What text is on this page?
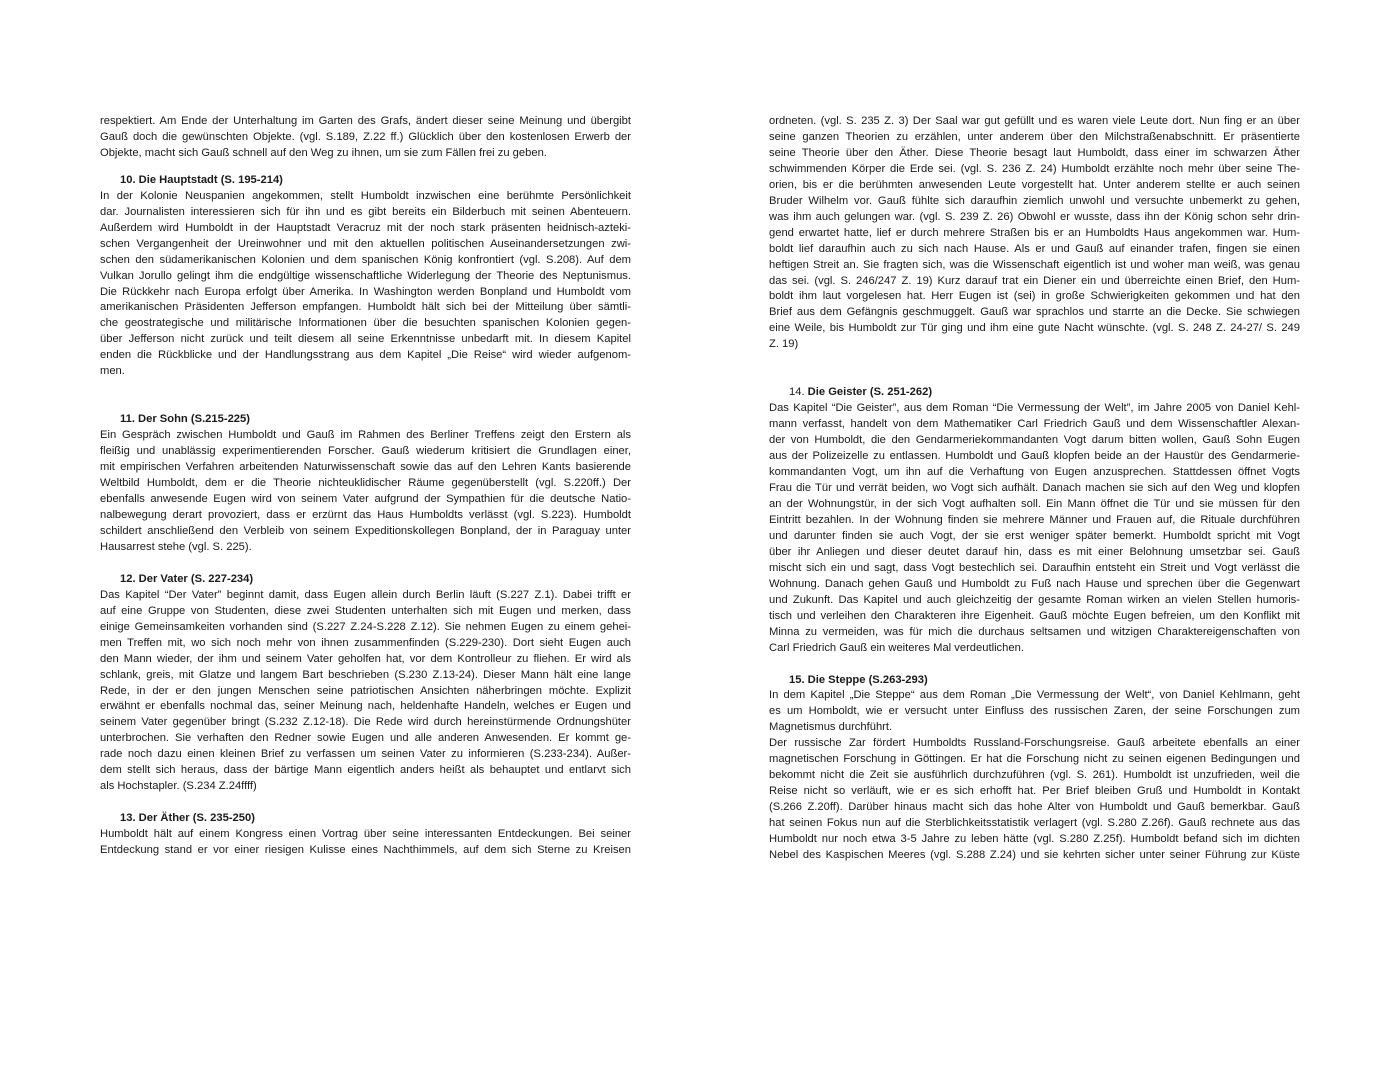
respektiert. Am Ende der Unterhaltung im Garten des Grafs, ändert dieser seine Meinung und übergibt
Gauß doch die gewünschten Objekte. (vgl. S.189, Z.22 ff.) Glücklich über den kostenlosen Erwerb der
Objekte, macht sich Gauß schnell auf den Weg zu ihnen, um sie zum Fällen frei zu geben.
10. Die Hauptstadt (S. 195-214)
In der Kolonie Neuspanien angekommen, stellt Humboldt inzwischen eine berühmte Persönlichkeit
dar. Journalisten interessieren sich für ihn und es gibt bereits ein Bilderbuch mit seinen Abenteuern.
Außerdem wird Humboldt in der Hauptstadt Veracruz mit der noch stark präsenten heidnisch-azteki-
schen Vergangenheit der Ureinwohner und mit den aktuellen politischen Auseinandersetzungen zwi-
schen den südamerikanischen Kolonien und dem spanischen König konfrontiert (vgl. S.208). Auf dem
Vulkan Jorullo gelingt ihm die endgültige wissenschaftliche Widerlegung der Theorie des Neptunismus.
Die Rückkehr nach Europa erfolgt über Amerika. In Washington werden Bonpland und Humboldt vom
amerikanischen Präsidenten Jefferson empfangen. Humboldt hält sich bei der Mitteilung über sämtli-
che geostrategische und militärische Informationen über die besuchten spanischen Kolonien gegen-
über Jefferson nicht zurück und teilt diesem all seine Erkenntnisse unbedarft mit. In diesem Kapitel
enden die Rückblicke und der Handlungsstrang aus dem Kapitel „Die Reise“ wird wieder aufgenom-
men.
11. Der Sohn (S.215-225)
Ein Gespräch zwischen Humboldt und Gauß im Rahmen des Berliner Treffens zeigt den Erstern als
fleißig und unablässig experimentierenden Forscher. Gauß wiederum kritisiert die Grundlagen einer,
mit empirischen Verfahren arbeitenden Naturwissenschaft sowie das auf den Lehren Kants basierende
Weltbild Humboldt, dem er die Theorie nichteuklidischer Räume gegenüberstellt (vgl. S.220ff.) Der
ebenfalls anwesende Eugen wird von seinem Vater aufgrund der Sympathien für die deutsche Natio-
nalbewegung derart provoziert, dass er erzürnt das Haus Humboldts verlässt (vgl. S.223). Humboldt
schildert anschließend den Verbleib von seinem Expeditionskollegen Bonpland, der in Paraguay unter
Hausarrest stehe (vgl. S. 225).
12. Der Vater (S. 227-234)
Das Kapitel “Der Vater” beginnt damit, dass Eugen allein durch Berlin läuft (S.227 Z.1). Dabei trifft er
auf eine Gruppe von Studenten, diese zwei Studenten unterhalten sich mit Eugen und merken, dass
einige Gemeinsamkeiten vorhanden sind (S.227 Z.24-S.228 Z.12). Sie nehmen Eugen zu einem gehei-
men Treffen mit, wo sich noch mehr von ihnen zusammenfinden (S.229-230). Dort sieht Eugen auch
den Mann wieder, der ihm und seinem Vater geholfen hat, vor dem Kontrolleur zu fliehen. Er wird als
schlank, greis, mit Glatze und langem Bart beschrieben (S.230 Z.13-24). Dieser Mann hält eine lange
Rede, in der er den jungen Menschen seine patriotischen Ansichten näherbringen möchte. Explizit
erwähnt er ebenfalls nochmal das, seiner Meinung nach, heldenhafte Handeln, welches er Eugen und
seinem Vater gegenüber bringt (S.232 Z.12-18). Die Rede wird durch hereinstürmende Ordnungshüter
unterbrochen. Sie verhaften den Redner sowie Eugen und alle anderen Anwesenden. Er kommt ge-
rade noch dazu einen kleinen Brief zu verfassen um seinen Vater zu informieren (S.233-234). Außer-
dem stellt sich heraus, dass der bärtige Mann eigentlich anders heißt als behauptet und entlarvt sich
als Hochstapler. (S.234 Z.24ffff)
13. Der Äther (S. 235-250)
Humboldt hält auf einem Kongress einen Vortrag über seine interessanten Entdeckungen. Bei seiner
Entdeckung stand er vor einer riesigen Kulisse eines Nachthimmels, auf dem sich Sterne zu Kreisen
ordneten. (vgl. S. 235 Z. 3) Der Saal war gut gefüllt und es waren viele Leute dort. Nun fing er an über
seine ganzen Theorien zu erzählen, unter anderem über den Milchstraßenabschnitt. Er präsentierte
seine Theorie über den Äther. Diese Theorie besagt laut Humboldt, dass einer im schwarzen Äther
schwimmenden Körper die Erde sei. (vgl. S. 236 Z. 24) Humboldt erzählte noch mehr über seine The-
orien, bis er die berühmten anwesenden Leute vorgestellt hat. Unter anderem stellte er auch seinen
Bruder Wilhelm vor. Gauß fühlte sich daraufhin ziemlich unwohl und versuchte unbemerkt zu gehen,
was ihm auch gelungen war. (vgl. S. 239 Z. 26) Obwohl er wusste, dass ihn der König schon sehr drin-
gend erwartet hatte, lief er durch mehrere Straßen bis er an Humboldts Haus angekommen war. Hum-
boldt lief daraufhin auch zu sich nach Hause. Als er und Gauß auf einander trafen, fingen sie einen
heftigen Streit an. Sie fragten sich, was die Wissenschaft eigentlich ist und woher man weiß, was genau
das sei. (vgl. S. 246/247 Z. 19) Kurz darauf trat ein Diener ein und überreichte einen Brief, den Hum-
boldt ihm laut vorgelesen hat. Herr Eugen ist (sei) in große Schwierigkeiten gekommen und hat den
Brief aus dem Gefängnis geschmuggelt. Gauß war sprachlos und starrte an die Decke. Sie schwiegen
eine Weile, bis Humboldt zur Tür ging und ihm eine gute Nacht wünschte. (vgl. S. 248 Z. 24-27/ S. 249
Z. 19)
14. Die Geister (S. 251-262)
Das Kapitel “Die Geister”, aus dem Roman “Die Vermessung der Welt”, im Jahre 2005 von Daniel Kehl-
mann verfasst, handelt von dem Mathematiker Carl Friedrich Gauß und dem Wissenschaftler Alexan-
der von Humboldt, die den Gendarmeriekommandanten Vogt darum bitten wollen, Gauß Sohn Eugen
aus der Polizeizelle zu entlassen. Humboldt und Gauß klopfen beide an der Haustür des Gendarmerie-
kommandanten Vogt, um ihn auf die Verhaftung von Eugen anzusprechen. Stattdessen öffnet Vogts
Frau die Tür und verrät beiden, wo Vogt sich aufhält. Danach machen sie sich auf den Weg und klopfen
an der Wohnungstür, in der sich Vogt aufhalten soll. Ein Mann öffnet die Tür und sie müssen für den
Eintritt bezahlen. In der Wohnung finden sie mehrere Männer und Frauen auf, die Rituale durchführen
und darunter finden sie auch Vogt, der sie erst weniger später bemerkt. Humboldt spricht mit Vogt
über ihr Anliegen und dieser deutet darauf hin, dass es mit einer Belohnung umsetzbar sei. Gauß
mischt sich ein und sagt, dass Vogt bestechlich sei. Daraufhin entsteht ein Streit und Vogt verlässt die
Wohnung. Danach gehen Gauß und Humboldt zu Fuß nach Hause und sprechen über die Gegenwart
und Zukunft. Das Kapitel und auch gleichzeitig der gesamte Roman wirken an vielen Stellen humoris-
tisch und verleihen den Charakteren ihre Eigenheit. Gauß möchte Eugen befreien, um den Konflikt mit
Minna zu vermeiden, was für mich die durchaus seltsamen und witzigen Charaktereigenschaften von
Carl Friedrich Gauß ein weiteres Mal verdeutlichen.
15. Die Steppe (S.263-293)
In dem Kapitel „Die Steppe“ aus dem Roman „Die Vermessung der Welt“, von Daniel Kehlmann, geht
es um Homboldt, wie er versucht unter Einfluss des russischen Zaren, der seine Forschungen zum
Magnetismus durchführt.
Der russische Zar fördert Humboldts Russland-Forschungsreise. Gauß arbeitete ebenfalls an einer
magnetischen Forschung in Göttingen. Er hat die Forschung nicht zu seinen eigenen Bedingungen und
bekommt nicht die Zeit sie ausführlich durchzuführen (vgl. S. 261). Humboldt ist unzufrieden, weil die
Reise nicht so verläuft, wie er es sich erhofft hat. Per Brief bleiben Gruß und Humboldt in Kontakt
(S.266 Z.20ff). Darüber hinaus macht sich das hohe Alter von Humboldt und Gauß bemerkbar. Gauß
hat seinen Fokus nun auf die Sterblichkeitsstatistik verlagert (vgl. S.280 Z.26f). Gauß rechnete aus das
Humboldt nur noch etwa 3-5 Jahre zu leben hätte (vgl. S.280 Z.25f). Humboldt befand sich im dichten
Nebel des Kaspischen Meeres (vgl. S.288 Z.24) und sie kehrten sicher unter seiner Führung zur Küste
